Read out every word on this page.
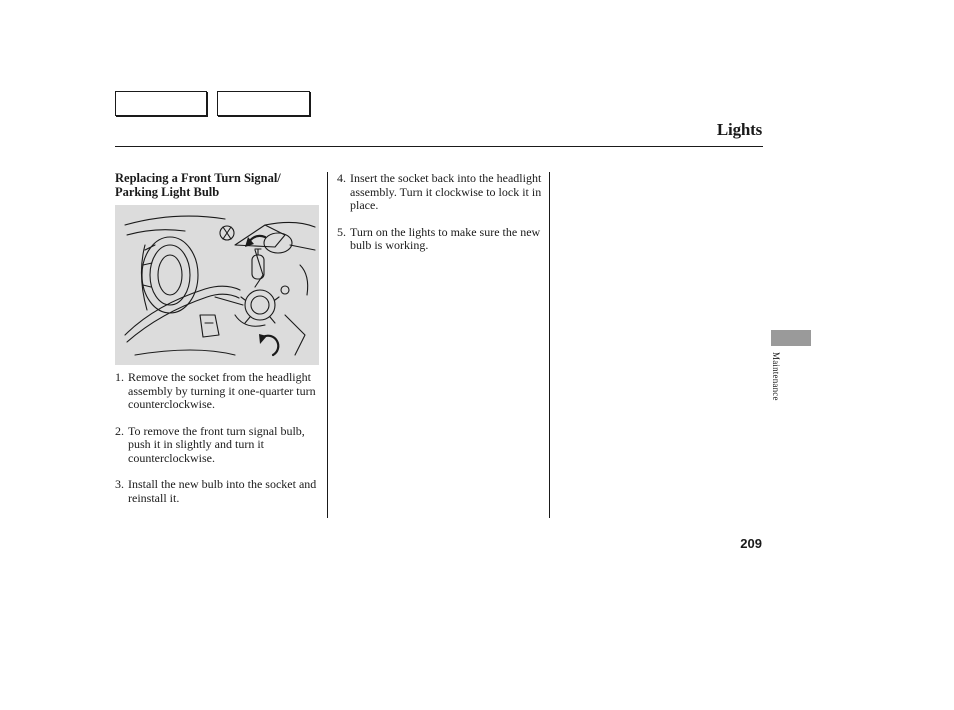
Lights
Replacing a Front Turn Signal/
Parking Light Bulb
1. Remove the socket from the headlight assembly by turning it one-quarter turn counterclockwise.
2. To remove the front turn signal bulb, push it in slightly and turn it counterclockwise.
3. Install the new bulb into the socket and reinstall it.
4. Insert the socket back into the headlight assembly. Turn it clockwise to lock it in place.
5. Turn on the lights to make sure the new bulb is working.
Maintenance
209
